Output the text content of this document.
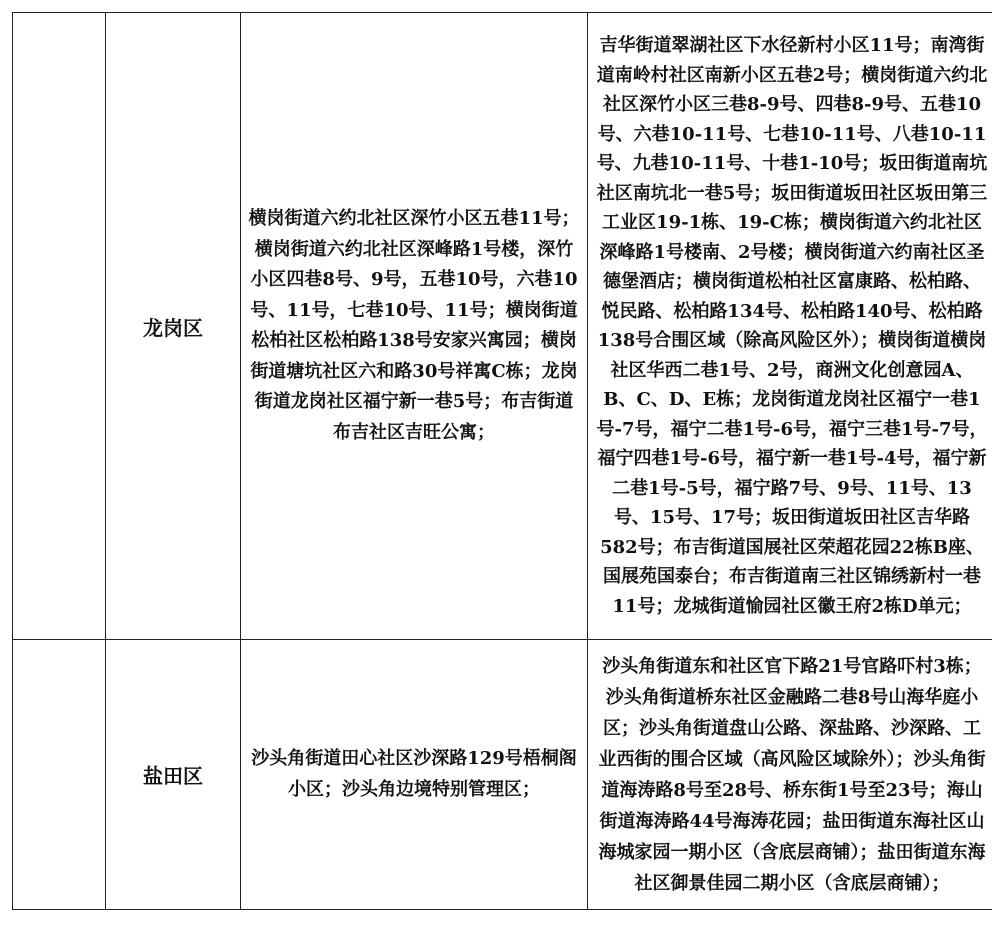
	龙岗区	横岗街道六约北社区深竹小区五巷11号；横岗街道六约北社区深峰路1号楼，深竹小区四巷8号、9号，五巷10号，六巷10号、11号，七巷10号、11号；横岗街道松柏社区松柏路138号安家兴寓园；横岗街道塘坑社区六和路30号祥寓C栋；龙岗街道龙岗社区福宁新一巷5号；布吉街道布吉社区吉旺公寓；	吉华街道翠湖社区下水径新村小区11号；南湾街道南岭村社区南新小区五巷2号；横岗街道六约北社区深竹小区三巷8-9号、四巷8-9号、五巷10号、六巷10-11号、七巷10-11号、八巷10-11号、九巷10-11号、十巷1-10号；坂田街道南坑社区南坑北一巷5号；坂田街道坂田社区坂田第三工业区19-1栋、19-C栋；横岗街道六约北社区深峰路1号楼南、2号楼；横岗街道六约南社区圣德堡酒店；横岗街道松柏社区富康路、松柏路、悦民路、松柏路134号、松柏路140号、松柏路138号合围区域（除高风险区外）；横岗街道横岗社区华西二巷1号、2号，商洲文化创意园A、B、C、D、E栋；龙岗街道龙岗社区福宁一巷1号-7号，福宁二巷1号-6号，福宁三巷1号-7号，福宁四巷1号-6号，福宁新一巷1号-4号，福宁新二巷1号-5号，福宁路7号、9号、11号、13号、15号、17号；坂田街道坂田社区吉华路582号；布吉街道国展社区荣超花园22栋B座、国展苑国泰台；布吉街道南三社区锦绣新村一巷11号；龙城街道愉园社区徽王府2栋D单元；
	盐田区	沙头角街道田心社区沙深路129号梧桐阁小区；沙头角边境特别管理区；	沙头角街道东和社区官下路21号官路吓村3栋；沙头角街道桥东社区金融路二巷8号山海华庭小区；沙头角街道盘山公路、深盐路、沙深路、工业西街的围合区域（高风险区域除外）；沙头角街道海涛路8号至28号、桥东街1号至23号；海山街道海涛路44号海涛花园；盐田街道东海社区山海城家园一期小区（含底层商铺）；盐田街道东海社区御景佳园二期小区（含底层商铺）；
